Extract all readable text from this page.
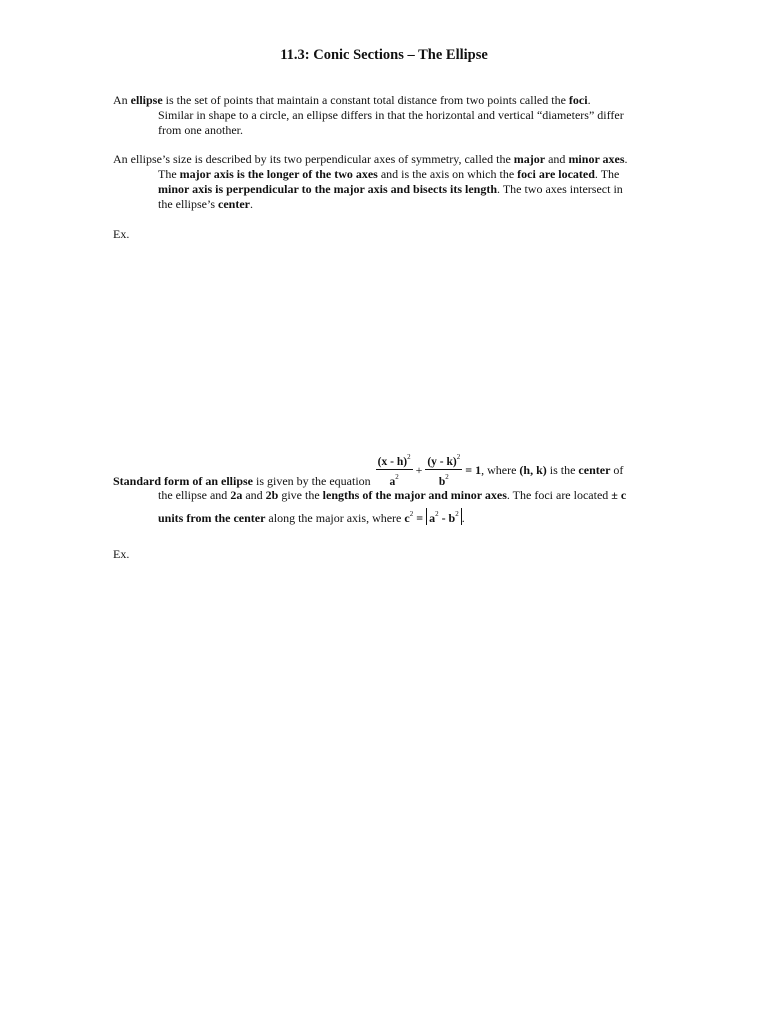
11.3: Conic Sections – The Ellipse
An ellipse is the set of points that maintain a constant total distance from two points called the foci.
Similar in shape to a circle, an ellipse differs in that the horizontal and vertical “diameters” differ
from one another.
An ellipse’s size is described by its two perpendicular axes of symmetry, called the major and minor axes.
The major axis is the longer of the two axes and is the axis on which the foci are located. The
minor axis is perpendicular to the major axis and bisects its length. The two axes intersect in
the ellipse’s center.
Ex.
Standard form of an ellipse is given by the equation $\frac{(x - h)^2}{a^2} + \frac{(y - k)^2}{b^2} = 1$, where (h, k) is the center of
the ellipse and 2a and 2b give the lengths of the major and minor axes. The foci are located ± c
units from the center along the major axis, where $c^2 = a^2 - b^2$ .
Ex.
